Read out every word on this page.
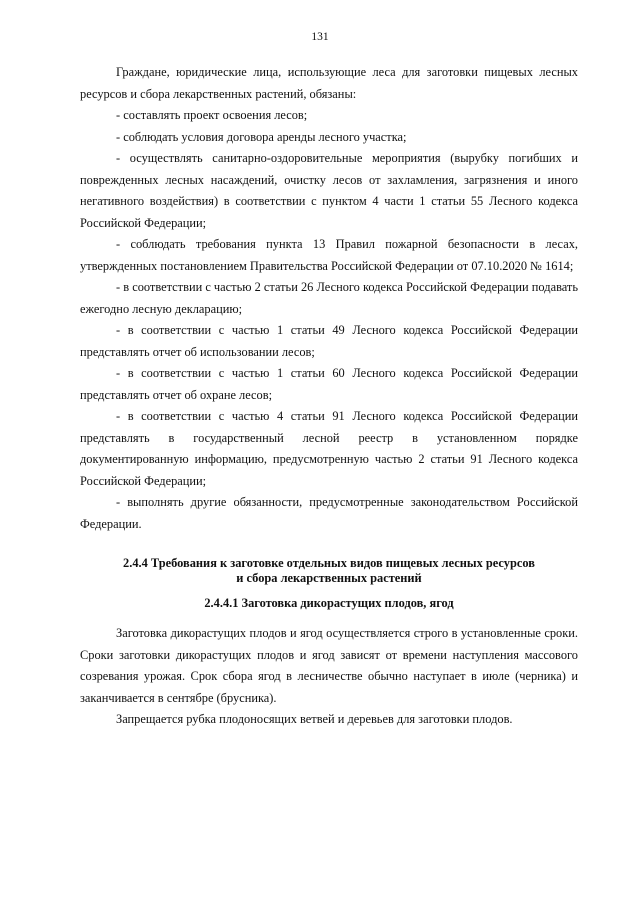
131

Граждане, юридические лица, использующие леса для заготовки пищевых лесных ресурсов и сбора лекарственных растений, обязаны:

- составлять проект освоения лесов;

- соблюдать условия договора аренды лесного участка;

- осуществлять санитарно-оздоровительные мероприятия (вырубку погибших и поврежденных лесных насаждений, очистку лесов от захламления, загрязнения и иного негативного воздействия) в соответствии с пунктом 4 части 1 статьи 55 Лесного кодекса Российской Федерации;

- соблюдать требования пункта 13 Правил пожарной безопасности в лесах, утвержденных постановлением Правительства Российской Федерации от 07.10.2020 № 1614;

- в соответствии с частью 2 статьи 26 Лесного кодекса Российской Федерации подавать ежегодно лесную декларацию;

- в соответствии с частью 1 статьи 49 Лесного кодекса Российской Федерации представлять отчет об использовании лесов;

- в соответствии с частью 1 статьи 60 Лесного кодекса Российской Федерации представлять отчет об охране лесов;

- в соответствии с частью 4 статьи 91 Лесного кодекса Российской Федерации представлять в государственный лесной реестр в установленном порядке документированную информацию, предусмотренную частью 2 статьи 91 Лесного кодекса Российской Федерации;

- выполнять другие обязанности, предусмотренные законодательством Российской Федерации.

2.4.4 Требования к заготовке отдельных видов пищевых лесных ресурсов
и сбора лекарственных растений
2.4.4.1 Заготовка дикорастущих плодов, ягод

Заготовка дикорастущих плодов и ягод осуществляется строго в установленные сроки. Сроки заготовки дикорастущих плодов и ягод зависят от времени наступления массового созревания урожая. Срок сбора ягод в лесничестве обычно наступает в июле (черника) и заканчивается в сентябре (брусника).

Запрещается рубка плодоносящих ветвей и деревьев для заготовки плодов.
